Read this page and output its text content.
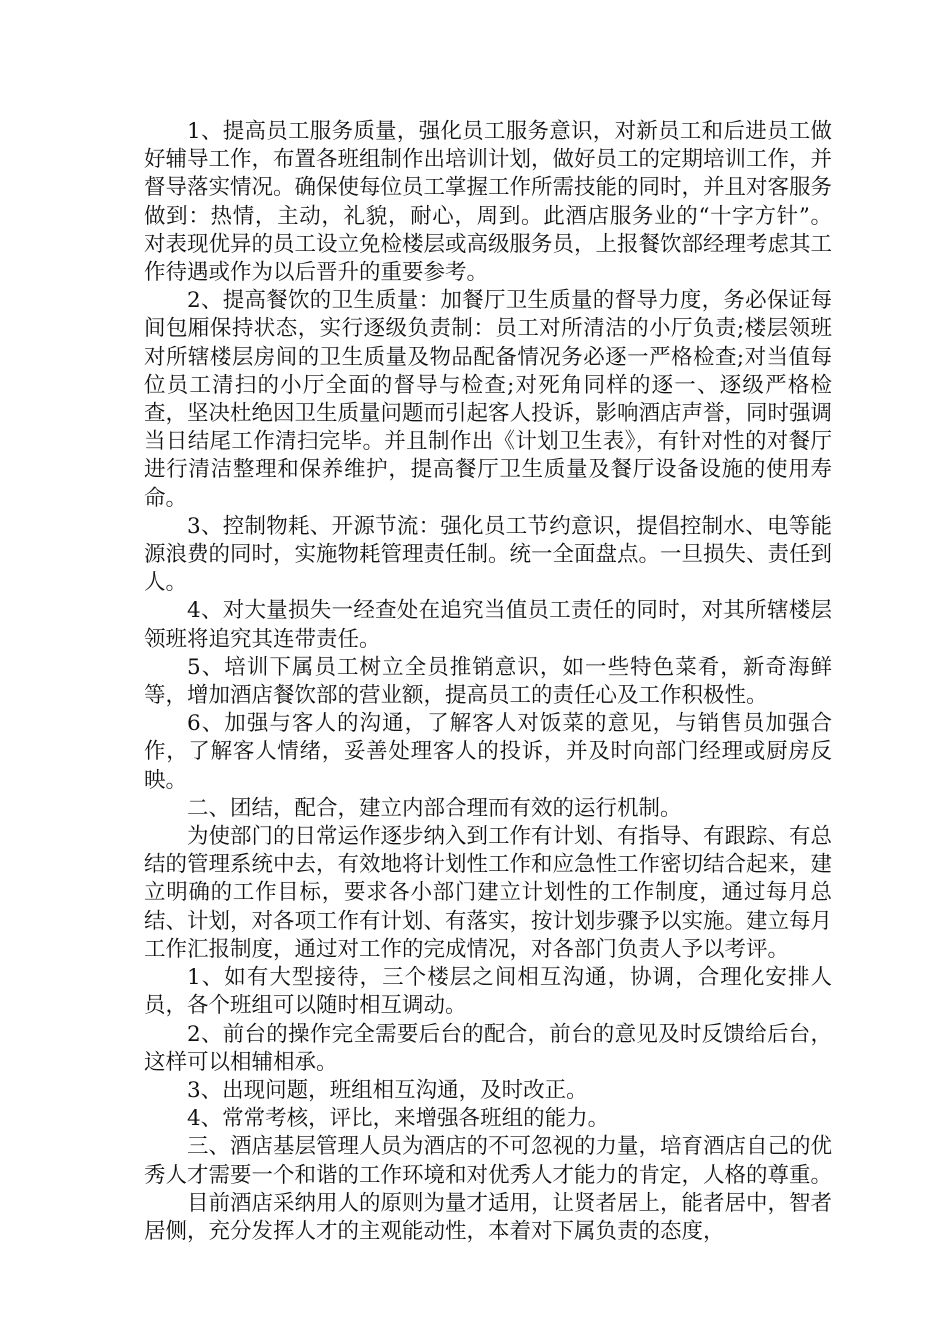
1、提高员工服务质量，强化员工服务意识，对新员工和后进员工做好辅导工作，布置各班组制作出培训计划，做好员工的定期培训工作，并督导落实情况。确保使每位员工掌握工作所需技能的同时，并且对客服务做到：热情，主动，礼貌，耐心，周到。此酒店服务业的“十字方针”。对表现优异的员工设立免检楼层或高级服务员，上报餐饮部经理考虑其工作待遇或作为以后晋升的重要参考。

2、提高餐饮的卫生质量：加餐厅卫生质量的督导力度，务必保证每间包厢保持状态，实行逐级负责制：员工对所清洁的小厅负责;楼层领班对所辖楼层房间的卫生质量及物品配备情况务必逐一严格检查;对当值每位员工清扫的小厅全面的督导与检查;对死角同样的逐一、逐级严格检查，坚决杜绝因卫生质量问题而引起客人投诉，影响酒店声誉，同时强调当日结尾工作清扫完毕。并且制作出《计划卫生表》，有针对性的对餐厅进行清洁整理和保养维护，提高餐厅卫生质量及餐厅设备设施的使用寿命。

3、控制物耗、开源节流：强化员工节约意识，提倡控制水、电等能源浪费的同时，实施物耗管理责任制。统一全面盘点。一旦损失、责任到人。

4、对大量损失一经查处在追究当值员工责任的同时，对其所辖楼层领班将追究其连带责任。

5、培训下属员工树立全员推销意识，如一些特色菜肴，新奇海鲜等，增加酒店餐饮部的营业额，提高员工的责任心及工作积极性。

6、加强与客人的沟通，了解客人对饭菜的意见，与销售员加强合作，了解客人情绪，妥善处理客人的投诉，并及时向部门经理或厨房反映。

二、团结，配合，建立内部合理而有效的运行机制。

为使部门的日常运作逐步纳入到工作有计划、有指导、有跟踪、有总结的管理系统中去，有效地将计划性工作和应急性工作密切结合起来，建立明确的工作目标，要求各小部门建立计划性的工作制度，通过每月总结、计划，对各项工作有计划、有落实，按计划步骤予以实施。建立每月工作汇报制度，通过对工作的完成情况，对各部门负责人予以考评。

1、如有大型接待，三个楼层之间相互沟通，协调，合理化安排人员，各个班组可以随时相互调动。

2、前台的操作完全需要后台的配合，前台的意见及时反馈给后台，这样可以相辅相承。

3、出现问题，班组相互沟通，及时改正。

4、常常考核，评比，来增强各班组的能力。

三、酒店基层管理人员为酒店的不可忽视的力量，培育酒店自己的优秀人才需要一个和谐的工作环境和对优秀人才能力的肯定，人格的尊重。

目前酒店采纳用人的原则为量才适用，让贤者居上，能者居中，智者居侧，充分发挥人才的主观能动性，本着对下属负责的态度，
